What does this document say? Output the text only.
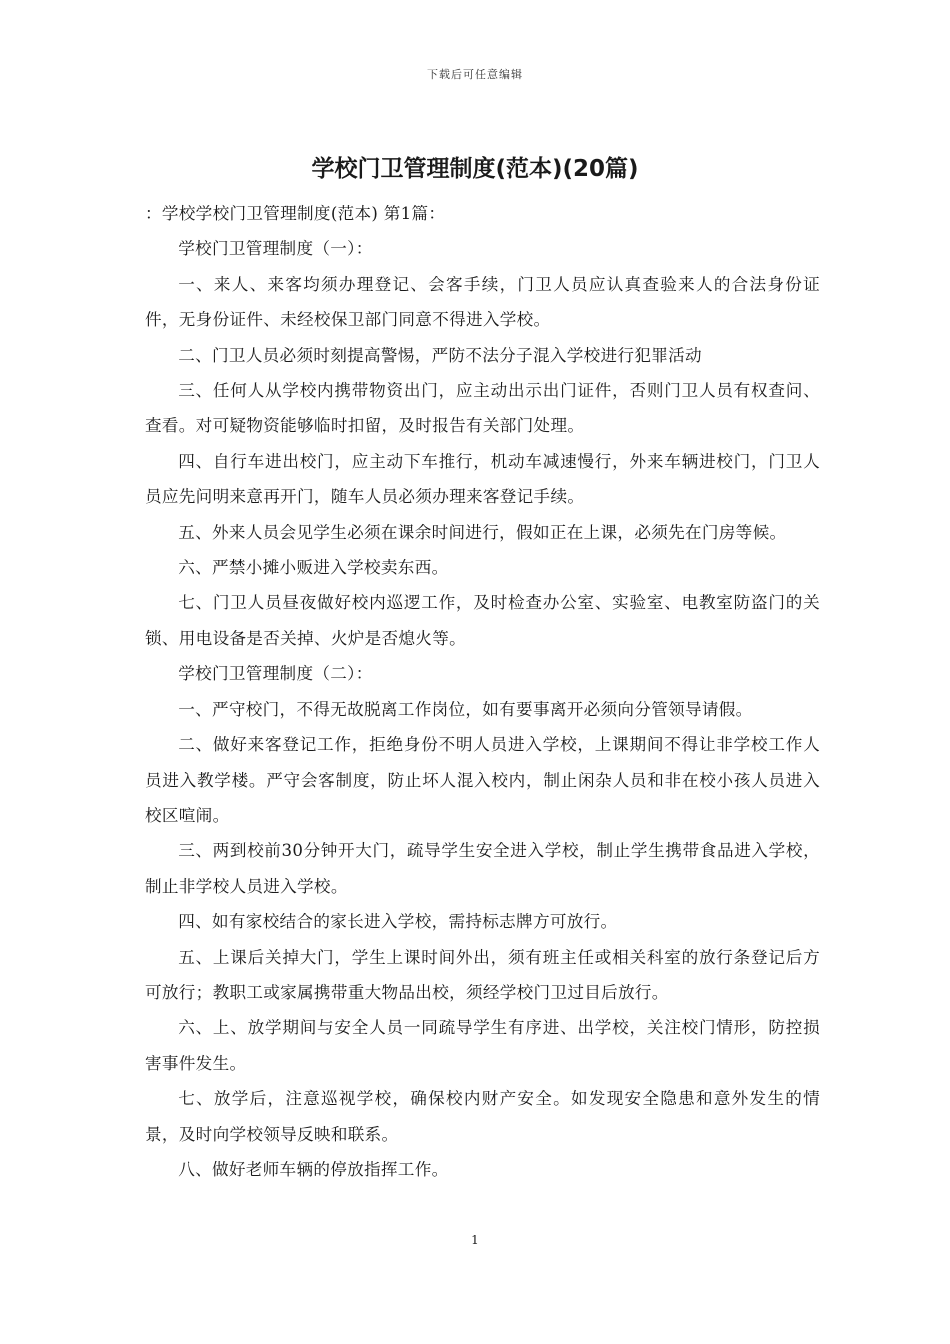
下载后可任意编辑
学校门卫管理制度(范本)(20篇)

：学校学校门卫管理制度(范本) 第1篇：

学校门卫管理制度（一）：

一、来人、来客均须办理登记、会客手续，门卫人员应认真查验来人的合法身份证件，无身份证件、未经校保卫部门同意不得进入学校。

二、门卫人员必须时刻提高警惕，严防不法分子混入学校进行犯罪活动

三、任何人从学校内携带物资出门，应主动出示出门证件，否则门卫人员有权查问、查看。对可疑物资能够临时扣留，及时报告有关部门处理。

四、自行车进出校门，应主动下车推行，机动车减速慢行，外来车辆进校门，门卫人员应先问明来意再开门，随车人员必须办理来客登记手续。

五、外来人员会见学生必须在课余时间进行，假如正在上课，必须先在门房等候。

六、严禁小摊小贩进入学校卖东西。

七、门卫人员昼夜做好校内巡逻工作，及时检查办公室、实验室、电教室防盗门的关锁、用电设备是否关掉、火炉是否熄火等。

学校门卫管理制度（二）：

一、严守校门，不得无故脱离工作岗位，如有要事离开必须向分管领导请假。

二、做好来客登记工作，拒绝身份不明人员进入学校，上课期间不得让非学校工作人员进入教学楼。严守会客制度，防止坏人混入校内，制止闲杂人员和非在校小孩人员进入校区喧闹。

三、两到校前30分钟开大门，疏导学生安全进入学校，制止学生携带食品进入学校，制止非学校人员进入学校。

四、如有家校结合的家长进入学校，需持标志牌方可放行。

五、上课后关掉大门，学生上课时间外出，须有班主任或相关科室的放行条登记后方可放行；教职工或家属携带重大物品出校，须经学校门卫过目后放行。

六、上、放学期间与安全人员一同疏导学生有序进、出学校，关注校门情形，防控损害事件发生。

七、放学后，注意巡视学校，确保校内财产安全。如发现安全隐患和意外发生的情景，及时向学校领导反映和联系。

八、做好老师车辆的停放指挥工作。

1
